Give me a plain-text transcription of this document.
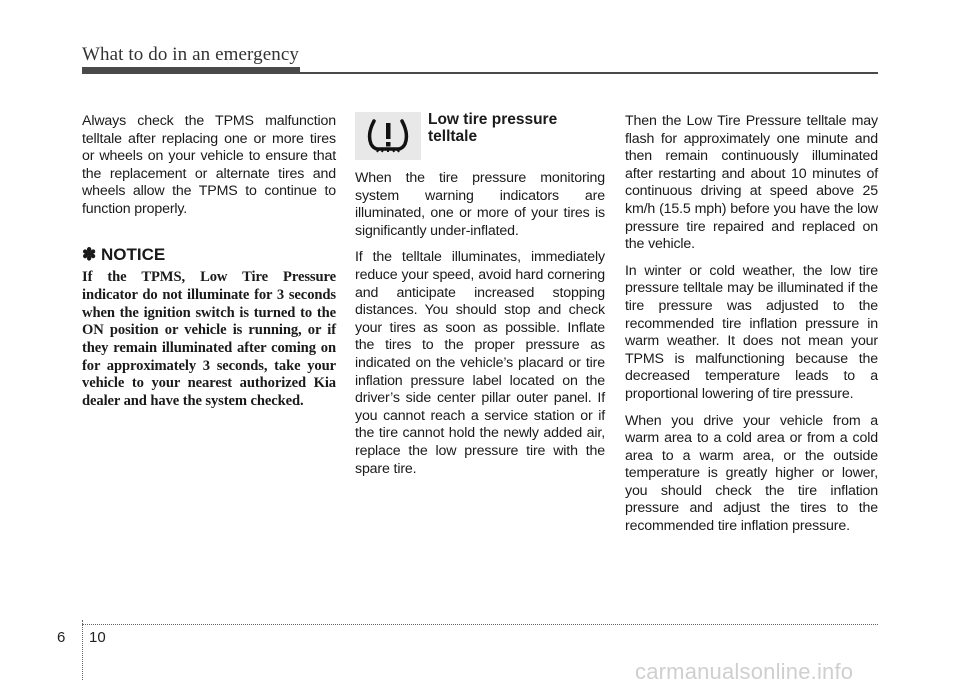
What to do in an emergency

Always check the TPMS malfunction telltale after replacing one or more tires or wheels on your vehicle to ensure that the replacement or alternate tires and wheels allow the TPMS to continue to function properly.

✽ NOTICE
If the TPMS, Low Tire Pressure indicator do not illuminate for 3 seconds when the ignition switch is turned to the ON position or vehicle is running, or if they remain illuminated after coming on for approximately 3 seconds, take your vehicle to your nearest authorized Kia dealer and have the system checked.
Low tire pressure telltale

When the tire pressure monitoring system warning indicators are illuminated, one or more of your tires is significantly under-inflated.

If the telltale illuminates, immediately reduce your speed, avoid hard cornering and anticipate increased stopping distances. You should stop and check your tires as soon as possible. Inflate the tires to the proper pressure as indicated on the vehicle’s placard or tire inflation pressure label located on the driver’s side center pillar outer panel. If you cannot reach a service station or if the tire cannot hold the newly added air, replace the low pressure tire with the spare tire.

Then the Low Tire Pressure telltale may flash for approximately one minute and then remain continuously illuminated after restarting and about 10 minutes of continuous driving at speed above 25 km/h (15.5 mph) before you have the low pressure tire repaired and replaced on the vehicle.

In winter or cold weather, the low tire pressure telltale may be illuminated if the tire pressure was adjusted to the recommended tire inflation pressure in warm weather. It does not mean your TPMS is malfunctioning because the decreased temperature leads to a proportional lowering of tire pressure.

When you drive your vehicle from a warm area to a cold area or from a cold area to a warm area, or the outside temperature is greatly higher or lower, you should check the tire inflation pressure and adjust the tires to the recommended tire inflation pressure.

6 10
carmanualsonline.info
